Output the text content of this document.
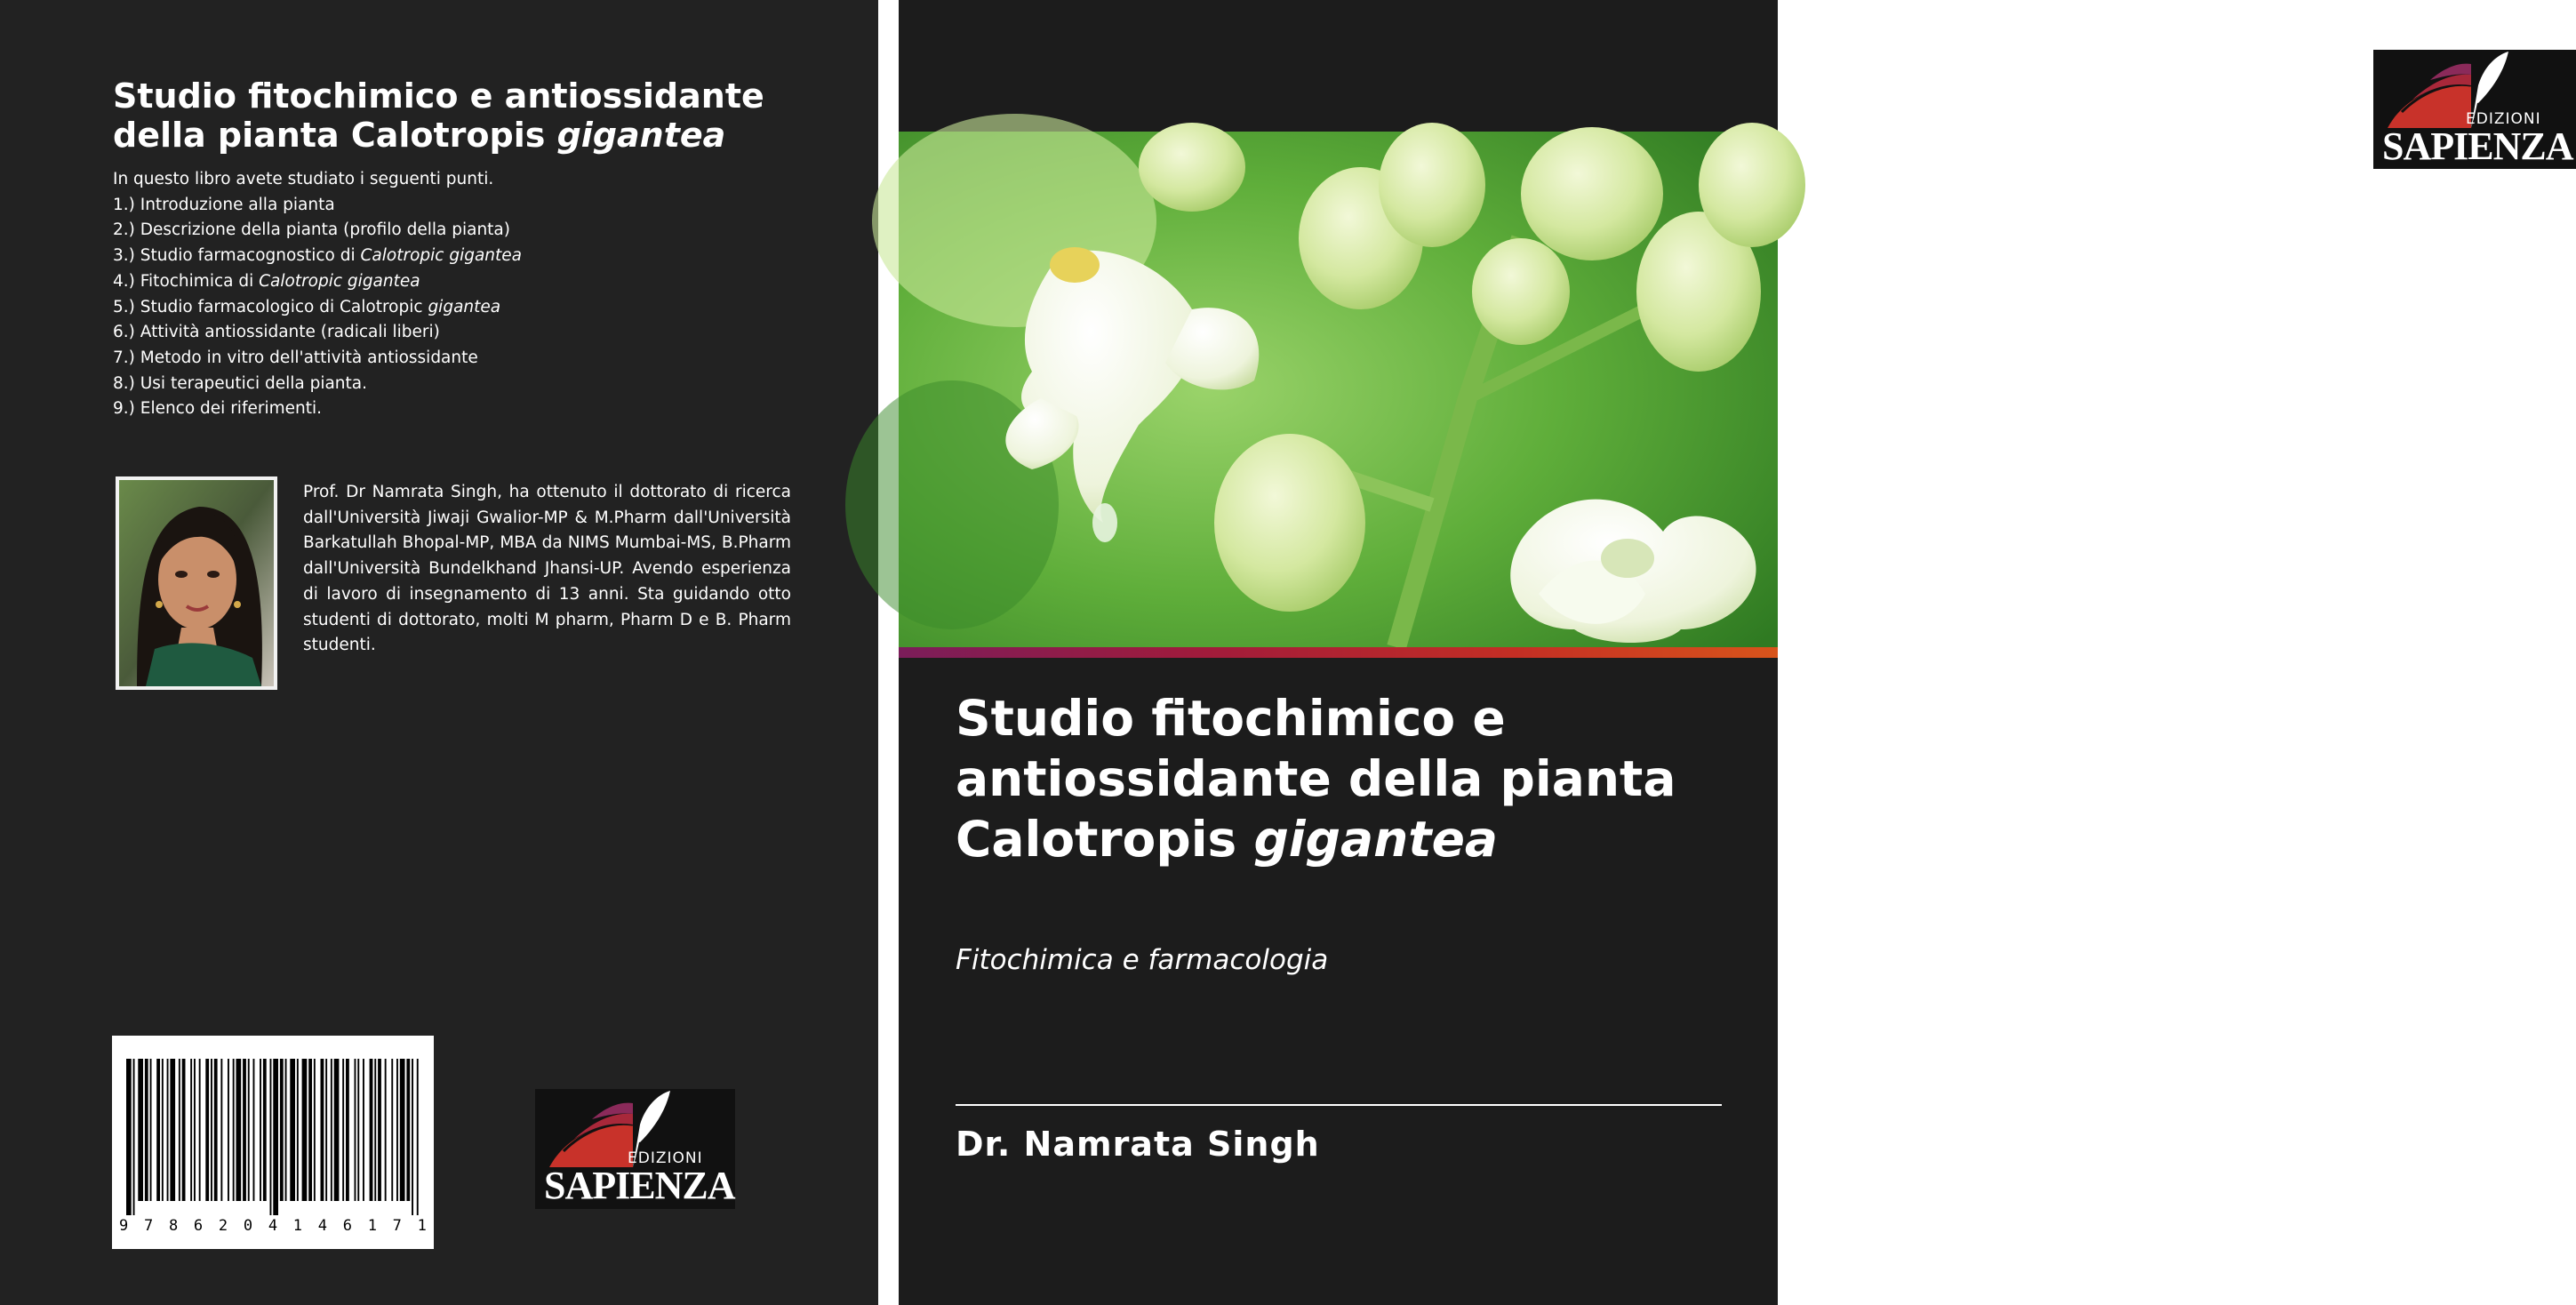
Studio fitochimico e antiossidante della pianta Calotropis gigantea
In questo libro avete studiato i seguenti punti.
1.) Introduzione alla pianta
2.) Descrizione della pianta (profilo della pianta)
3.) Studio farmacognostico di Calotropic gigantea
4.) Fitochimica di Calotropic gigantea
5.) Studio farmacologico di Calotropic gigantea
6.) Attività antiossidante (radicali liberi)
7.) Metodo in vitro dell'attività antiossidante
8.) Usi terapeutici della pianta.
9.) Elenco dei riferimenti.

Prof. Dr Namrata Singh, ha ottenuto il dottorato di ricerca dall'Università Jiwaji Gwalior-MP & M.Pharm dall'Università Barkatullah Bhopal-MP, MBA da NIMS Mumbai-MS, B.Pharm dall'Università Bundelkhand Jhansi-UP. Avendo esperienza di lavoro di insegnamento di 13 anni. Sta guidando otto studenti di dottorato, molti M pharm, Pharm D e B. Pharm studenti.

9 7 8 6 2 0 4 1 4 6 1 7 1
EDIZIONI
SAPIENZA
EDIZIONI
SAPIENZA
Studio fitochimico e antiossidante della pianta Calotropis gigantea
Fitochimica e farmacologia
Dr. Namrata Singh
